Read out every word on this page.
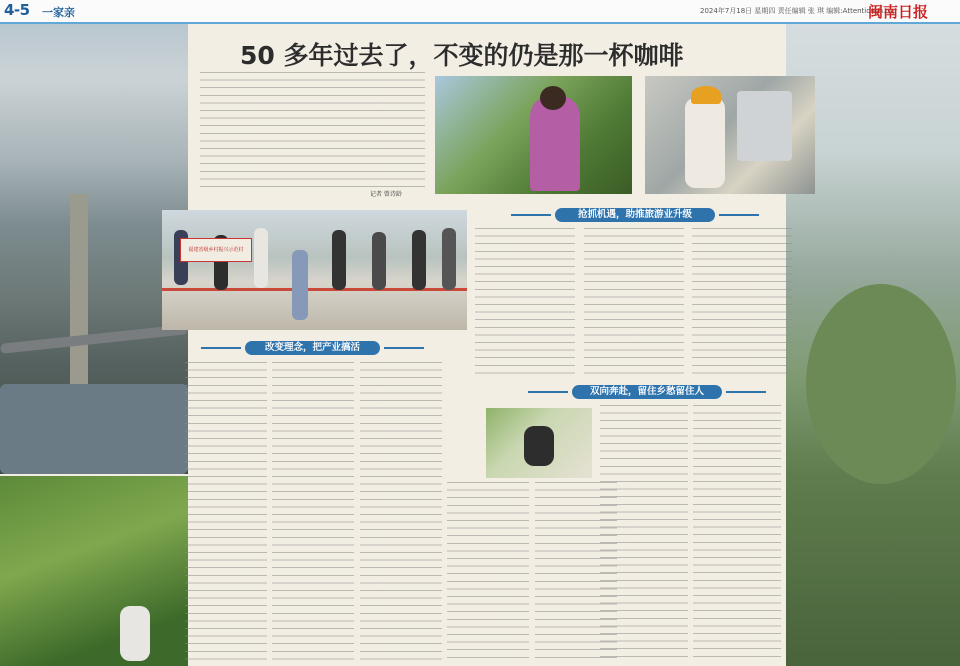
4-5 一家亲	2024年7月18日 星期四 责任编辑 张 琪 编辑:Attentionsh.cn
闽南日报
福建省级乡村振兴示范村
50 多年过去了，不变的仍是那一杯咖啡
记者 曾诗龄
抢抓机遇，助推旅游业升级
改变理念，把产业搞活
双向奔赴，留住乡愁留住人
